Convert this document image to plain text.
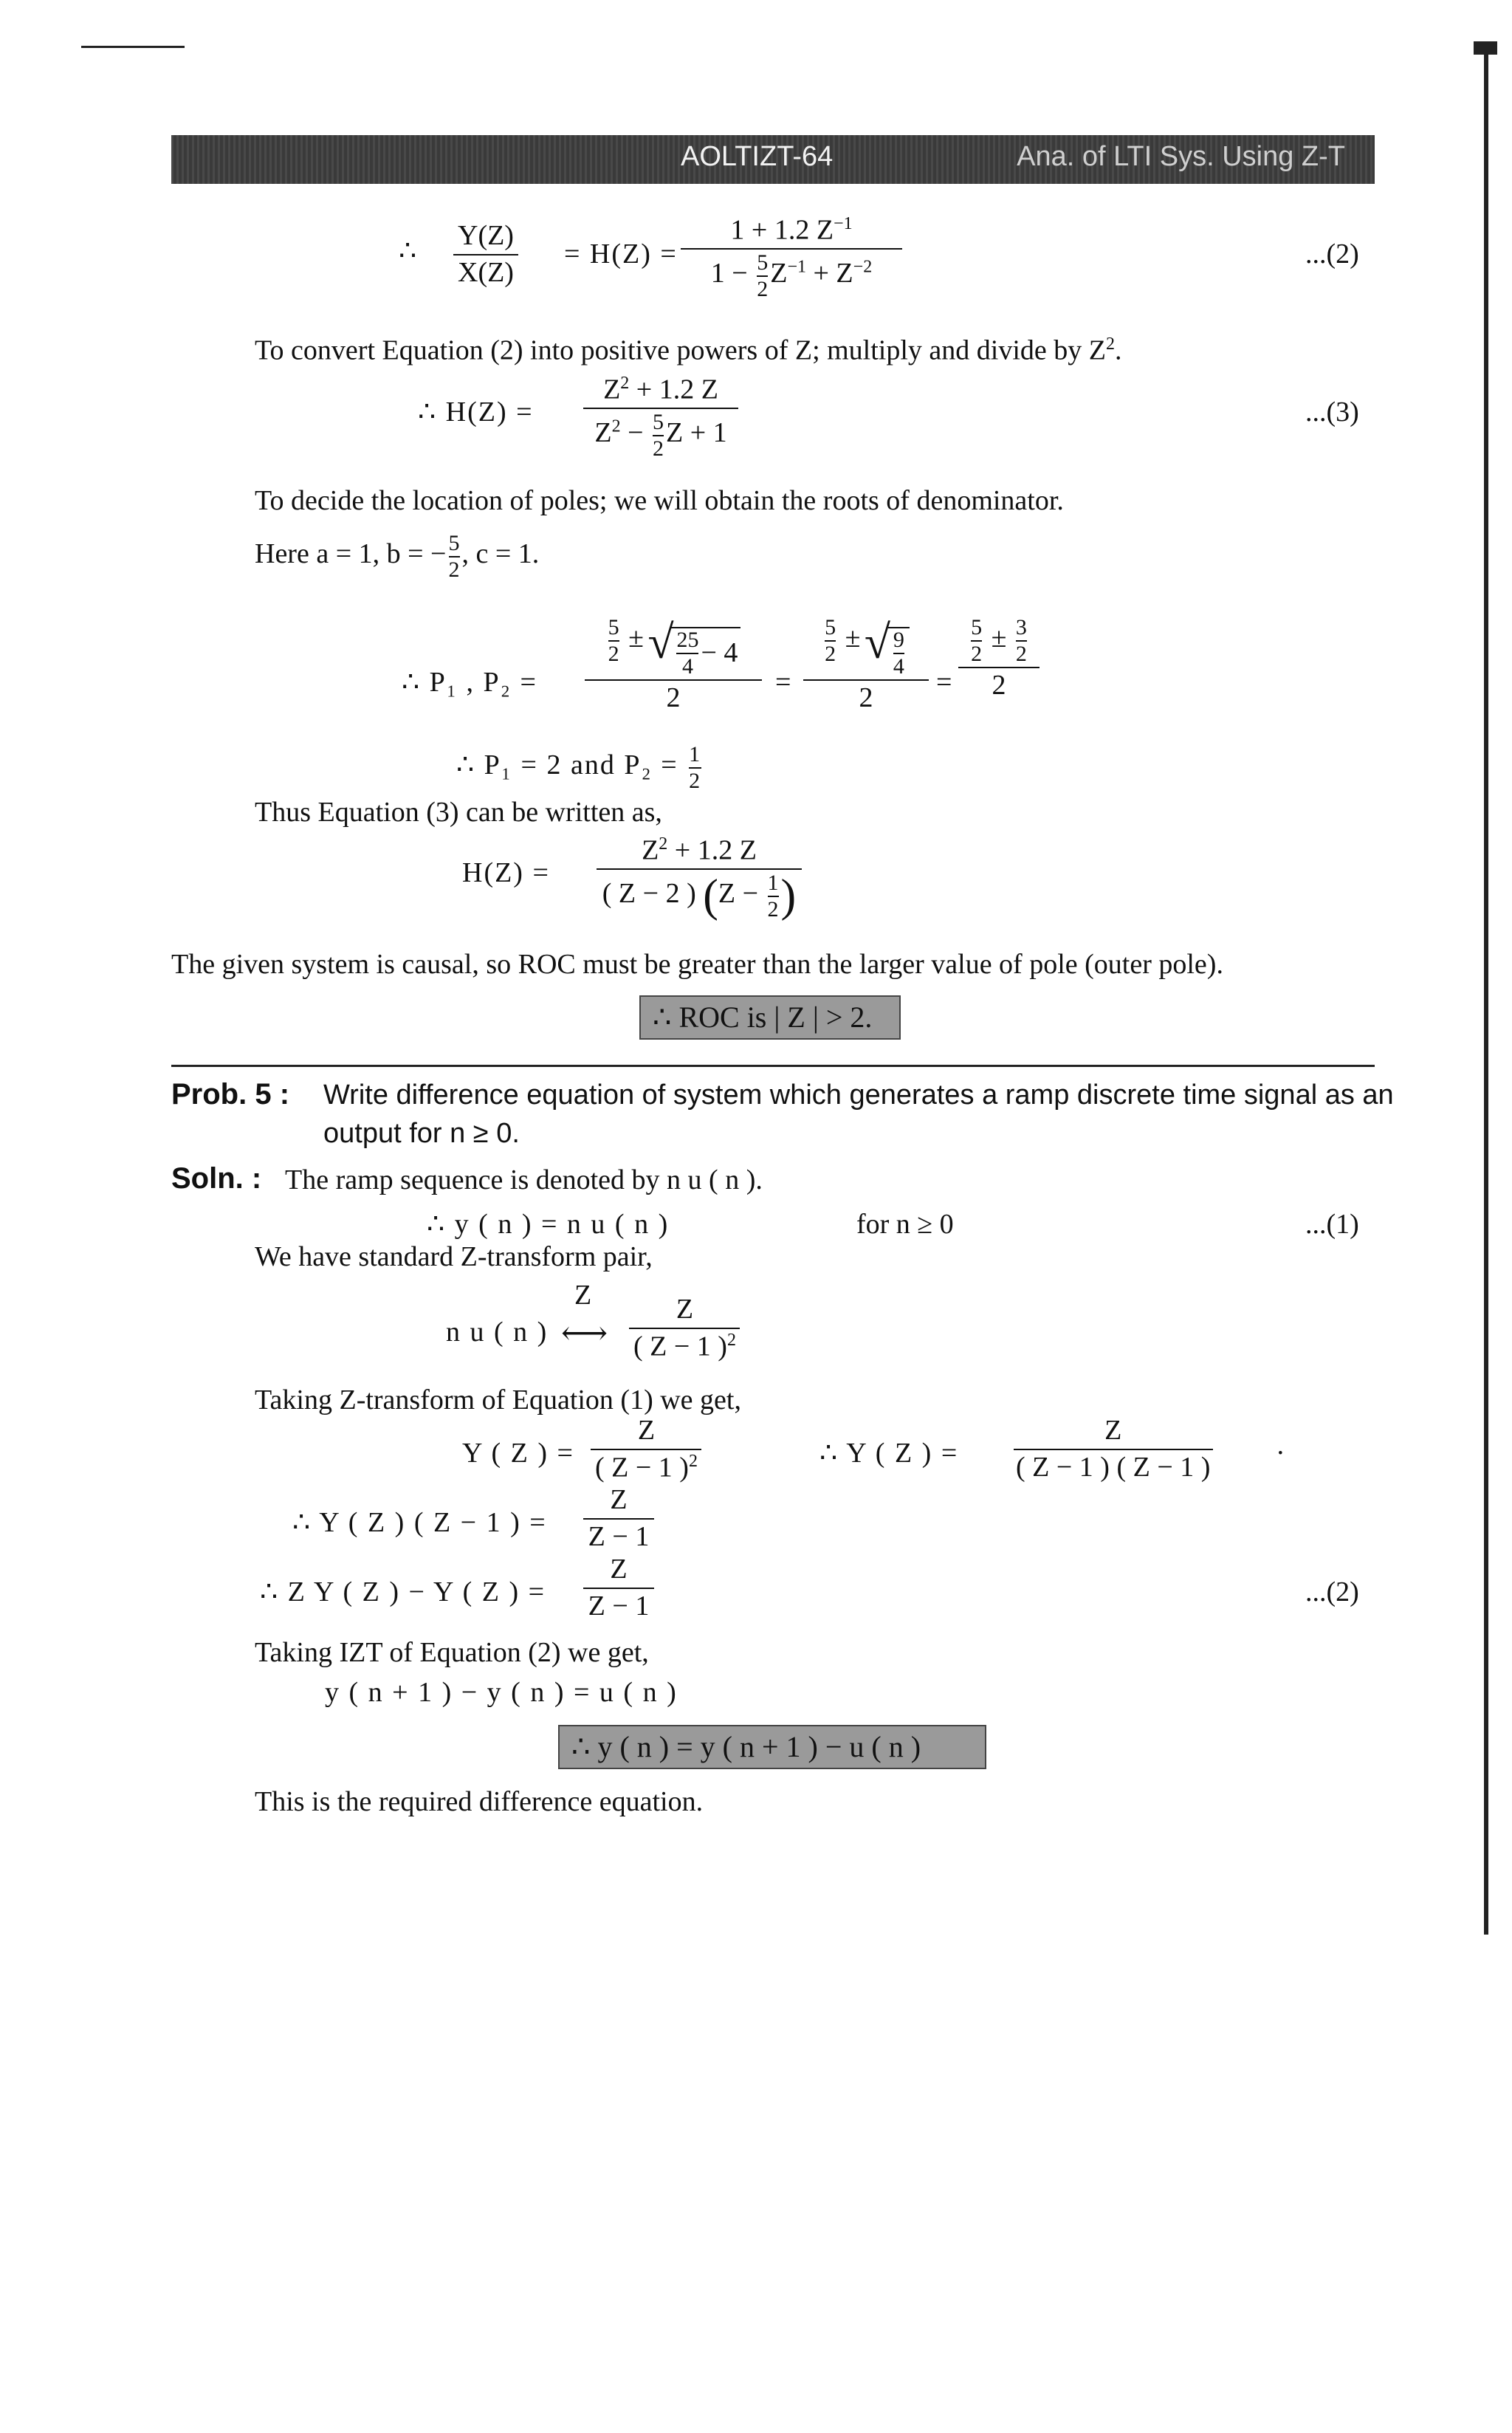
AOLTIZT-64	Ana. of LTI Sys. Using Z-T
∴ Y(Z)
X(Z)
= H(Z) =
1 + 1.2 $Z^{-1}$
$1 - \frac{5}{2} Z^{-1} + Z^{-2}$	...(2)
To convert Equation (2) into positive powers of Z; multiply and divide by $Z^2$.
∴ H(Z) =
$Z^2 + 1.2$ Z
$Z^2 - \frac{5}{2}$ Z + 1
...(3)
To decide the location of poles; we will obtain the roots of denominator.
Here a = 1, b = − $\frac{5}{2}$ , c = 1.
∴ P₁ , P₂ =
$\frac{5}{2}$ ± √ 25
4 − 4
2
=
$\frac{5}{2}$ ± √ 9
4
2
=
$\frac{5}{2} \pm \frac{3}{2}$
2
∴ P₁ = 2 and $P_2 = \frac{1}{2}$
Thus Equation (3) can be written as,
H(Z) =
$Z^2 + 1.2$ Z
( Z − 2 ) ($Z - \frac{1}{2}$ )
The given system is causal, so ROC must be greater than the larger value of pole (outer pole).
∴ ROC is | Z | > 2.
Prob. 5 : Write difference equation of system which generates a ramp discrete time signal as an
output for n ≥ 0.
Soln. : The ramp sequence is denoted by n u ( n ).
∴ y ( n ) = n u ( n )	for n ≥ 0	...(1)
We have standard Z-transform pair,
Z
n u ( n ) ⟷
Z
( Z − 1 )$^2$
Taking Z-transform of Equation (1) we get,
Y ( Z ) =
Z
( Z − 1 )$^2$	∴ Y ( Z ) =
Z
( Z − 1 ) ( Z − 1 ) ·
∴ Y ( Z ) ( Z − 1 ) =
Z
Z − 1
∴ Z Y ( Z ) − Y ( Z ) =
Z
Z − 1	...(2)
Taking IZT of Equation (2) we get,
y ( n + 1 ) − y ( n ) = u ( n )
∴ y ( n ) = y ( n + 1 ) − u ( n )
This is the required difference equation.
